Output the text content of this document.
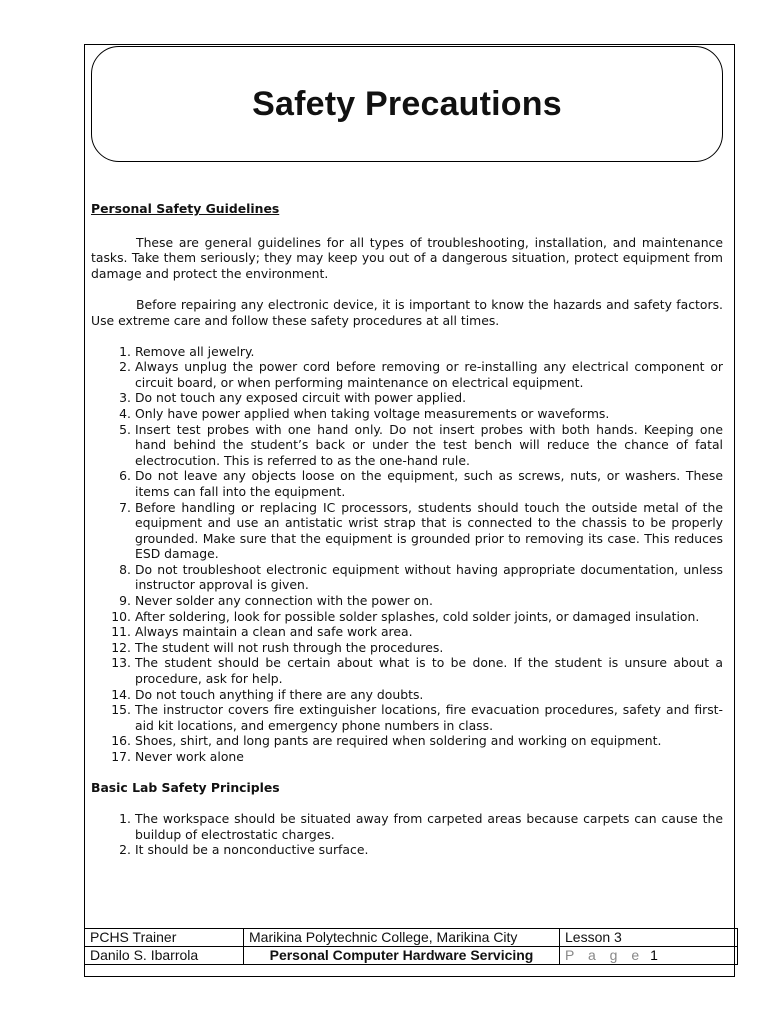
Safety Precautions

Personal Safety Guidelines

These are general guidelines for all types of troubleshooting, installation, and maintenance tasks. Take them seriously; they may keep you out of a dangerous situation, protect equipment from damage and protect the environment.

Before repairing any electronic device, it is important to know the hazards and safety factors. Use extreme care and follow these safety procedures at all times.

1. Remove all jewelry.
2. Always unplug the power cord before removing or re-installing any electrical component or circuit board, or when performing maintenance on electrical equipment.
3. Do not touch any exposed circuit with power applied.
4. Only have power applied when taking voltage measurements or waveforms.
5. Insert test probes with one hand only. Do not insert probes with both hands. Keeping one hand behind the student’s back or under the test bench will reduce the chance of fatal electrocution. This is referred to as the one-hand rule.
6. Do not leave any objects loose on the equipment, such as screws, nuts, or washers. These items can fall into the equipment.
7. Before handling or replacing IC processors, students should touch the outside metal of the equipment and use an antistatic wrist strap that is connected to the chassis to be properly grounded. Make sure that the equipment is grounded prior to removing its case. This reduces ESD damage.
8. Do not troubleshoot electronic equipment without having appropriate documentation, unless instructor approval is given.
9. Never solder any connection with the power on.
10. After soldering, look for possible solder splashes, cold solder joints, or damaged insulation.
11. Always maintain a clean and safe work area.
12. The student will not rush through the procedures.
13. The student should be certain about what is to be done. If the student is unsure about a procedure, ask for help.
14. Do not touch anything if there are any doubts.
15. The instructor covers fire extinguisher locations, fire evacuation procedures, safety and first-aid kit locations, and emergency phone numbers in class.
16. Shoes, shirt, and long pants are required when soldering and working on equipment.
17. Never work alone

Basic Lab Safety Principles

1. The workspace should be situated away from carpeted areas because carpets can cause the buildup of electrostatic charges.
2. It should be a nonconductive surface.
PCHS Trainer	Marikina Polytechnic College, Marikina City	Lesson 3
Danilo S. Ibarrola	Personal Computer Hardware Servicing	P a g e 1
